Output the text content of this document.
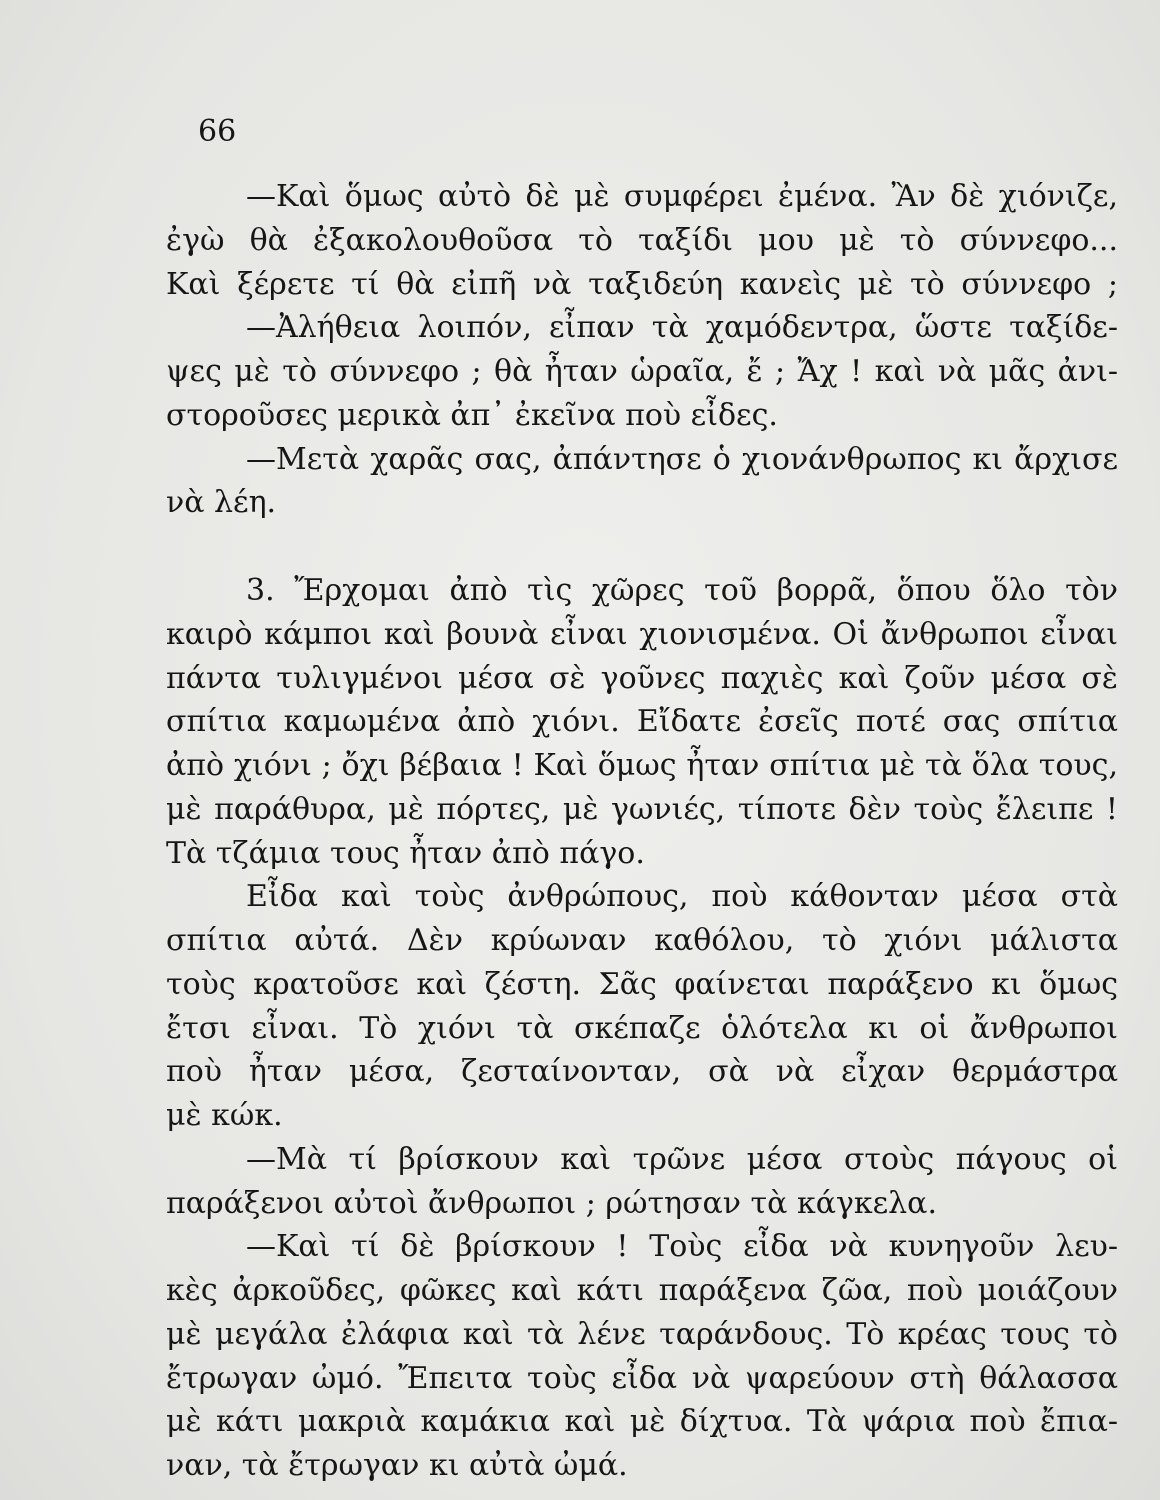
66
—Καὶ ὅμως αὐτὸ δὲ μὲ συμφέρει ἐμένα. Ἂν δὲ χιόνιζε,
ἐγὼ θὰ ἐξακολουθοῦσα τὸ ταξίδι μου μὲ τὸ σύννεφο...
Καὶ ξέρετε τί θὰ εἰπῆ νὰ ταξιδεύη κανεὶς μὲ τὸ σύννεφο ;
—Ἀλήθεια λοιπόν, εἶπαν τὰ χαμόδεντρα, ὥστε ταξίδε-
ψες μὲ τὸ σύννεφο ; θὰ ἦταν ὡραῖα, ἔ ; Ἄχ ! καὶ νὰ μᾶς ἀνι-
στοροῦσες μερικὰ ἀπ᾽ ἐκεῖνα ποὺ εἶδες.
—Μετὰ χαρᾶς σας, ἀπάντησε ὁ χιονάνθρωπος κι ἄρχισε
νὰ λέη.
3. Ἔρχομαι ἀπὸ τὶς χῶρες τοῦ βορρᾶ, ὅπου ὅλο τὸν
καιρὸ κάμποι καὶ βουνὰ εἶναι χιονισμένα. Οἱ ἄνθρωποι εἶναι
πάντα τυλιγμένοι μέσα σὲ γοῦνες παχιὲς καὶ ζοῦν μέσα σὲ
σπίτια καμωμένα ἀπὸ χιόνι. Εἴδατε ἐσεῖς ποτέ σας σπίτια
ἀπὸ χιόνι ; ὄχι βέβαια ! Καὶ ὅμως ἦταν σπίτια μὲ τὰ ὅλα τους,
μὲ παράθυρα, μὲ πόρτες, μὲ γωνιές, τίποτε δὲν τοὺς ἔλειπε !
Τὰ τζάμια τους ἦταν ἀπὸ πάγο.
Εἶδα καὶ τοὺς ἀνθρώπους, ποὺ κάθονταν μέσα στὰ
σπίτια αὐτά. Δὲν κρύωναν καθόλου, τὸ χιόνι μάλιστα
τοὺς κρατοῦσε καὶ ζέστη. Σᾶς φαίνεται παράξενο κι ὅμως
ἔτσι εἶναι. Τὸ χιόνι τὰ σκέπαζε ὁλότελα κι οἱ ἄνθρωποι
ποὺ ἦταν μέσα, ζεσταίνονταν, σὰ νὰ εἶχαν θερμάστρα
μὲ κώκ.
—Μὰ τί βρίσκουν καὶ τρῶνε μέσα στοὺς πάγους οἱ
παράξενοι αὐτοὶ ἄνθρωποι ; ρώτησαν τὰ κάγκελα.
—Καὶ τί δὲ βρίσκουν ! Τοὺς εἶδα νὰ κυνηγοῦν λευ-
κὲς ἀρκοῦδες, φῶκες καὶ κάτι παράξενα ζῶα, ποὺ μοιάζουν
μὲ μεγάλα ἐλάφια καὶ τὰ λένε ταράνδους. Τὸ κρέας τους τὸ
ἔτρωγαν ὠμό. Ἔπειτα τοὺς εἶδα νὰ ψαρεύουν στὴ θάλασσα
μὲ κάτι μακριὰ καμάκια καὶ μὲ δίχτυα. Τὰ ψάρια ποὺ ἔπια-
ναν, τὰ ἔτρωγαν κι αὐτὰ ὠμά.
